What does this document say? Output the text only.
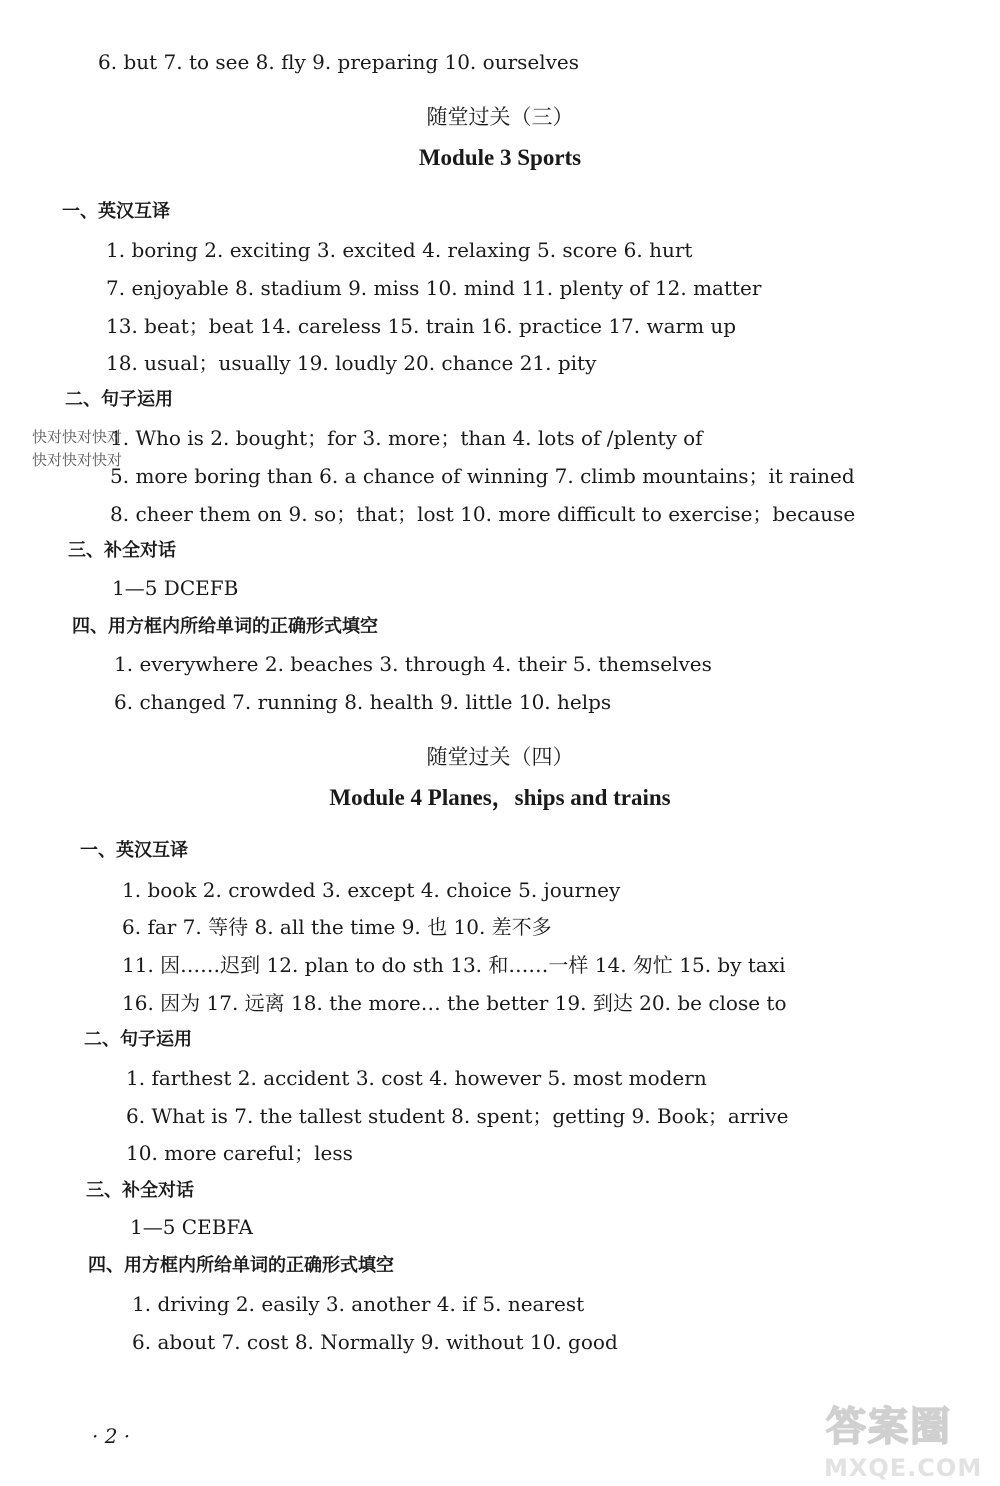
6. but 7. to see 8. fly 9. preparing 10. ourselves
随堂过关（三）
Module 3 Sports
一、英汉互译
1. boring 2. exciting 3. excited 4. relaxing 5. score 6. hurt
7. enjoyable 8. stadium 9. miss 10. mind 11. plenty of 12. matter
13. beat；beat 14. careless 15. train 16. practice 17. warm up
18. usual；usually 19. loudly 20. chance 21. pity
二、句子运用
1. Who is 2. bought；for 3. more；than 4. lots of /plenty of
5. more boring than 6. a chance of winning 7. climb mountains；it rained
8. cheer them on 9. so；that；lost 10. more difficult to exercise；because
三、补全对话
1—5 DCEFB
四、用方框内所给单词的正确形式填空
1. everywhere 2. beaches 3. through 4. their 5. themselves
6. changed 7. running 8. health 9. little 10. helps
随堂过关（四）
Module 4 Planes，ships and trains
一、英汉互译
1. book 2. crowded 3. except 4. choice 5. journey
6. far 7. 等待 8. all the time 9. 也 10. 差不多
11. 因……迟到 12. plan to do sth 13. 和……一样 14. 匆忙 15. by taxi
16. 因为 17. 远离 18. the more… the better 19. 到达 20. be close to
二、句子运用
1. farthest 2. accident 3. cost 4. however 5. most modern
6. What is 7. the tallest student 8. spent；getting 9. Book；arrive
10. more careful；less
三、补全对话
1—5 CEBFA
四、用方框内所给单词的正确形式填空
1. driving 2. easily 3. another 4. if 5. nearest
6. about 7. cost 8. Normally 9. without 10. good
快对快对快对
快对快对快对
· 2 ·	答案圈
MXQE.COM
